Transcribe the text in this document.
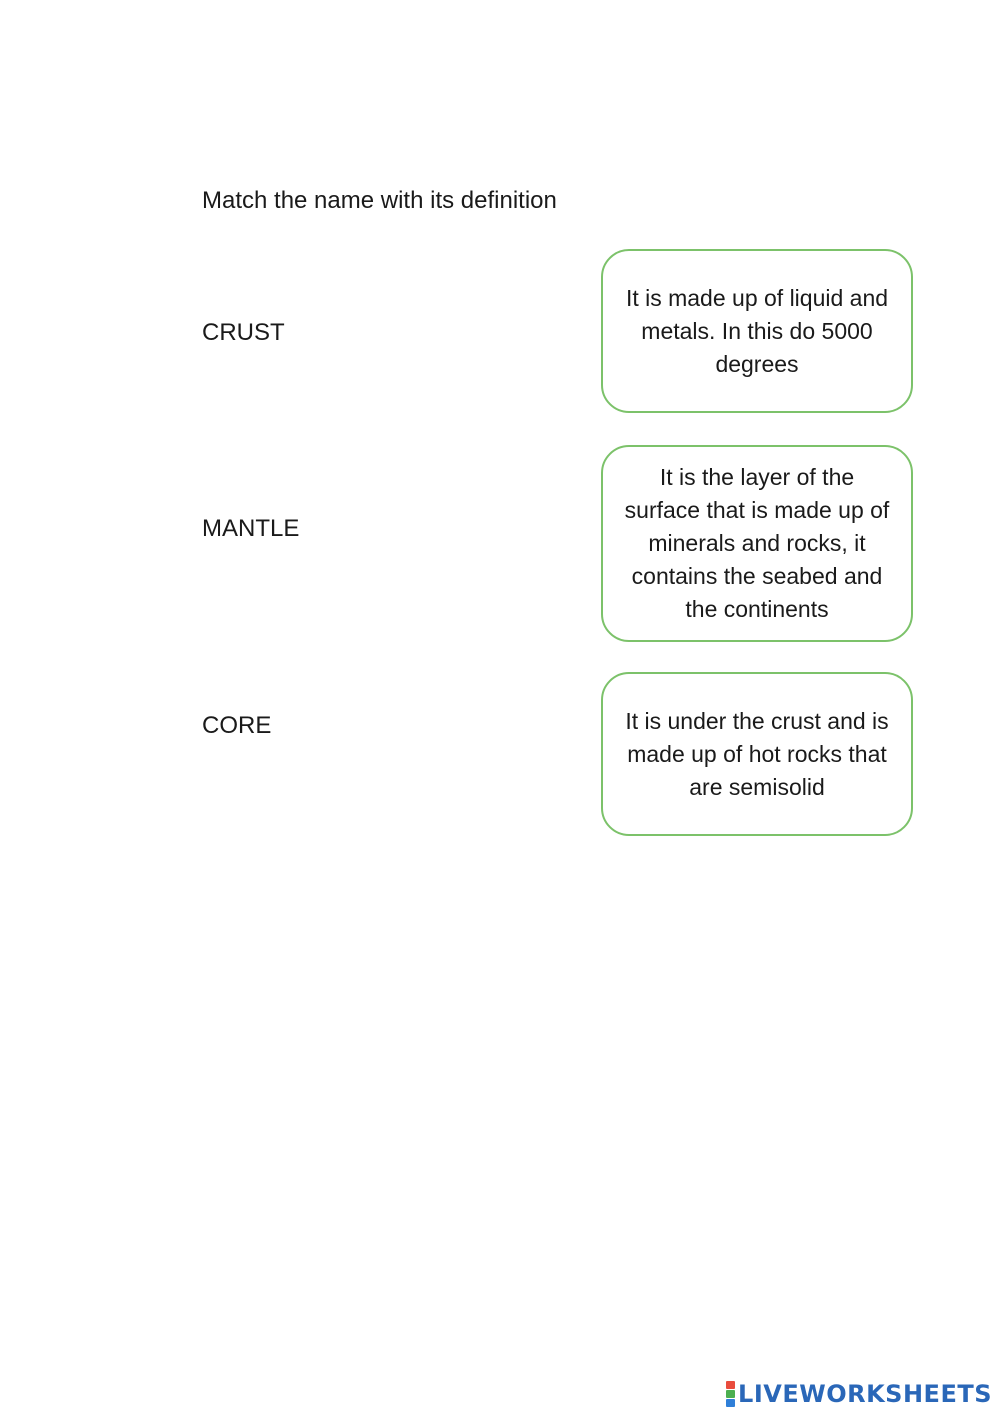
Match the name with its definition
CRUST
MANTLE
CORE
It is made up of liquid and metals. In this do 5000 degrees
It is the layer of the surface that is made up of minerals and rocks, it contains the seabed and the continents
It is under the crust and is made up of hot rocks that are semisolid
LIVEWORKSHEETS
